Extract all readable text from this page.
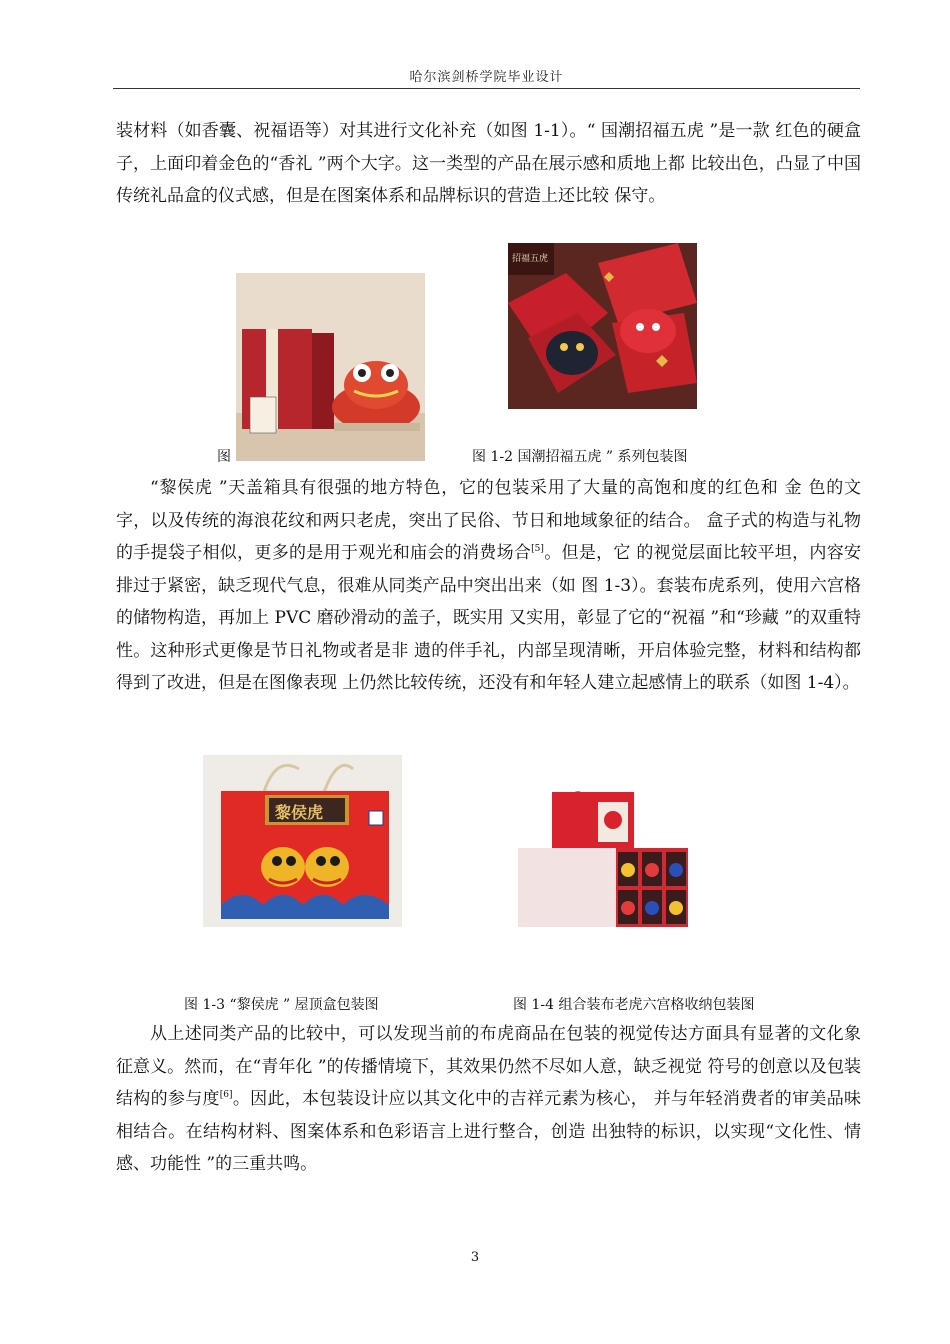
哈尔滨剑桥学院毕业设计

装材料（如香囊、祝福语等）对其进行文化补充（如图 1-1）。“ 国潮招福五虎 ”是一款 红色的硬盒子，上面印着金色的“香礼 ”两个大字。这一类型的产品在展示感和质地上都 比较出色，凸显了中国传统礼品盒的仪式感，但是在图案体系和品牌标识的营造上还比较 保守。

图
招福五虎
图 1-2 国潮招福五虎 ” 系列包装图

“黎侯虎 ”天盖箱具有很强的地方特色，它的包装采用了大量的高饱和度的红色和 金 色的文字，以及传统的海浪花纹和两只老虎，突出了民俗、节日和地域象征的结合。 盒子式的构造与礼物的手提袋子相似，更多的是用于观光和庙会的消费场合[5]。但是，它 的视觉层面比较平坦，内容安排过于紧密，缺乏现代气息，很难从同类产品中突出出来（如 图 1-3）。套装布虎系列，使用六宫格的储物构造，再加上 PVC 磨砂滑动的盖子，既实用 又实用，彰显了它的“祝福 ”和“珍藏 ”的双重特性。这种形式更像是节日礼物或者是非 遗的伴手礼，内部呈现清晰，开启体验完整，材料和结构都得到了改进，但是在图像表现 上仍然比较传统，还没有和年轻人建立起感情上的联系（如图 1-4）。

黎侯虎
图 1-3 “黎侯虎 ” 屋顶盒包装图	图 1-4 组合装布老虎六宫格收纳包装图

从上述同类产品的比较中，可以发现当前的布虎商品在包装的视觉传达方面具有显著的文化象征意义。然而，在“青年化 ”的传播情境下，其效果仍然不尽如人意，缺乏视觉 符号的创意以及包装结构的参与度[6]。因此，本包装设计应以其文化中的吉祥元素为核心， 并与年轻消费者的审美品味相结合。在结构材料、图案体系和色彩语言上进行整合，创造 出独特的标识，以实现“文化性、情感、功能性 ”的三重共鸣。

3
